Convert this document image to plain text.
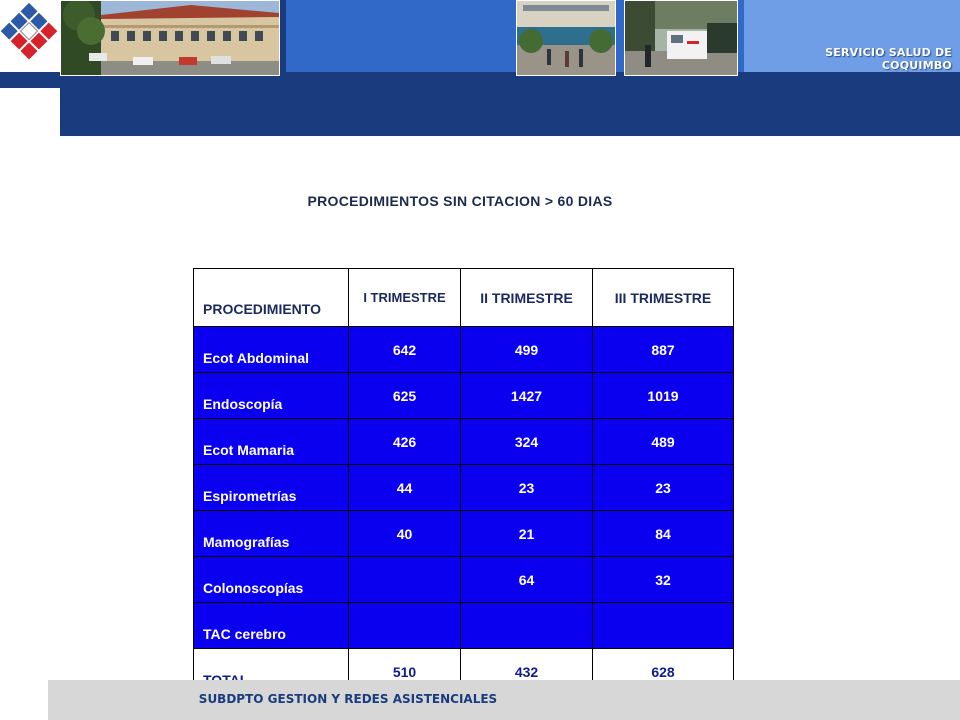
SERVICIO SALUD DE COQUIMBO
PROCEDIMIENTOS SIN CITACION > 60 DIAS
PROCEDIMIENTO	I TRIMESTRE	II TRIMESTRE	III TRIMESTRE
Ecot Abdominal	642	499	887
Endoscopía	625	1427	1019
Ecot Mamaria	426	324	489
Espirometrías	44	23	23
Mamografías	40	21	84
Colonoscopías		64	32
TAC cerebro			
	510	432	628
SUBDPTO GESTION Y REDES ASISTENCIALES
